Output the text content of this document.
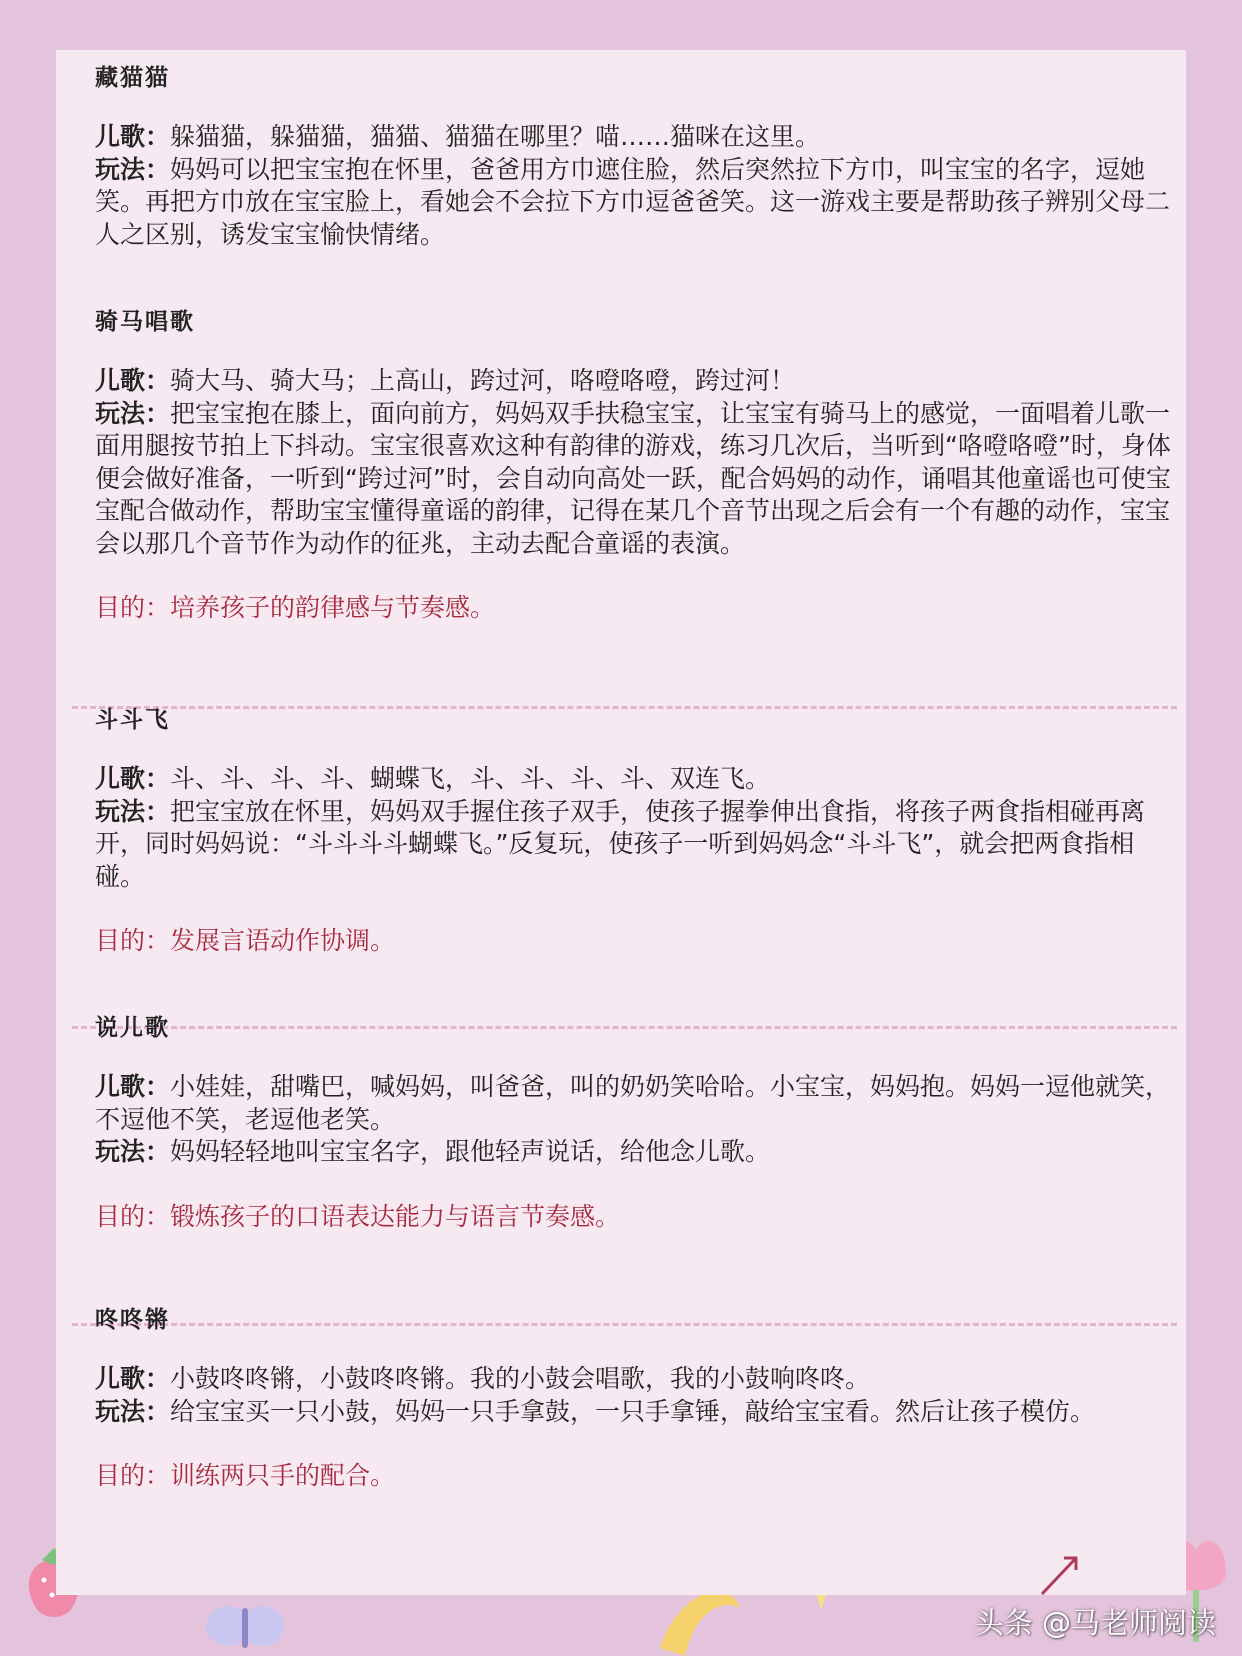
藏猫猫

儿歌：躲猫猫，躲猫猫，猫猫、猫猫在哪里？喵……猫咪在这里。

玩法：妈妈可以把宝宝抱在怀里，爸爸用方巾遮住脸，然后突然拉下方巾，叫宝宝的名字，逗她笑。再把方巾放在宝宝脸上，看她会不会拉下方巾逗爸爸笑。这一游戏主要是帮助孩子辨别父母二人之区别，诱发宝宝愉快情绪。

骑马唱歌

儿歌：骑大马、骑大马；上高山，跨过河，咯噔咯噔，跨过河！

玩法：把宝宝抱在膝上，面向前方，妈妈双手扶稳宝宝，让宝宝有骑马上的感觉，一面唱着儿歌一面用腿按节拍上下抖动。宝宝很喜欢这种有韵律的游戏，练习几次后，当听到“咯噔咯噔”时，身体便会做好准备，一听到“跨过河”时，会自动向高处一跃，配合妈妈的动作，诵唱其他童谣也可使宝宝配合做动作，帮助宝宝懂得童谣的韵律，记得在某几个音节出现之后会有一个有趣的动作，宝宝会以那几个音节作为动作的征兆，主动去配合童谣的表演。

目的：培养孩子的韵律感与节奏感。
斗斗飞

儿歌：斗、斗、斗、斗、蝴蝶飞，斗、斗、斗、斗、双连飞。

玩法：把宝宝放在怀里，妈妈双手握住孩子双手，使孩子握拳伸出食指，将孩子两食指相碰再离开，同时妈妈说：“斗斗斗斗蝴蝶飞。”反复玩，使孩子一听到妈妈念“斗斗飞”，就会把两食指相碰。

目的：发展言语动作协调。
说儿歌

儿歌：小娃娃，甜嘴巴，喊妈妈，叫爸爸，叫的奶奶笑哈哈。小宝宝，妈妈抱。妈妈一逗他就笑，不逗他不笑，老逗他老笑。

玩法：妈妈轻轻地叫宝宝名字，跟他轻声说话，给他念儿歌。

目的：锻炼孩子的口语表达能力与语言节奏感。
咚咚锵

儿歌：小鼓咚咚锵，小鼓咚咚锵。我的小鼓会唱歌，我的小鼓响咚咚。

玩法：给宝宝买一只小鼓，妈妈一只手拿鼓，一只手拿锤，敲给宝宝看。然后让孩子模仿。

目的：训练两只手的配合。
头条 @马老师阅读
